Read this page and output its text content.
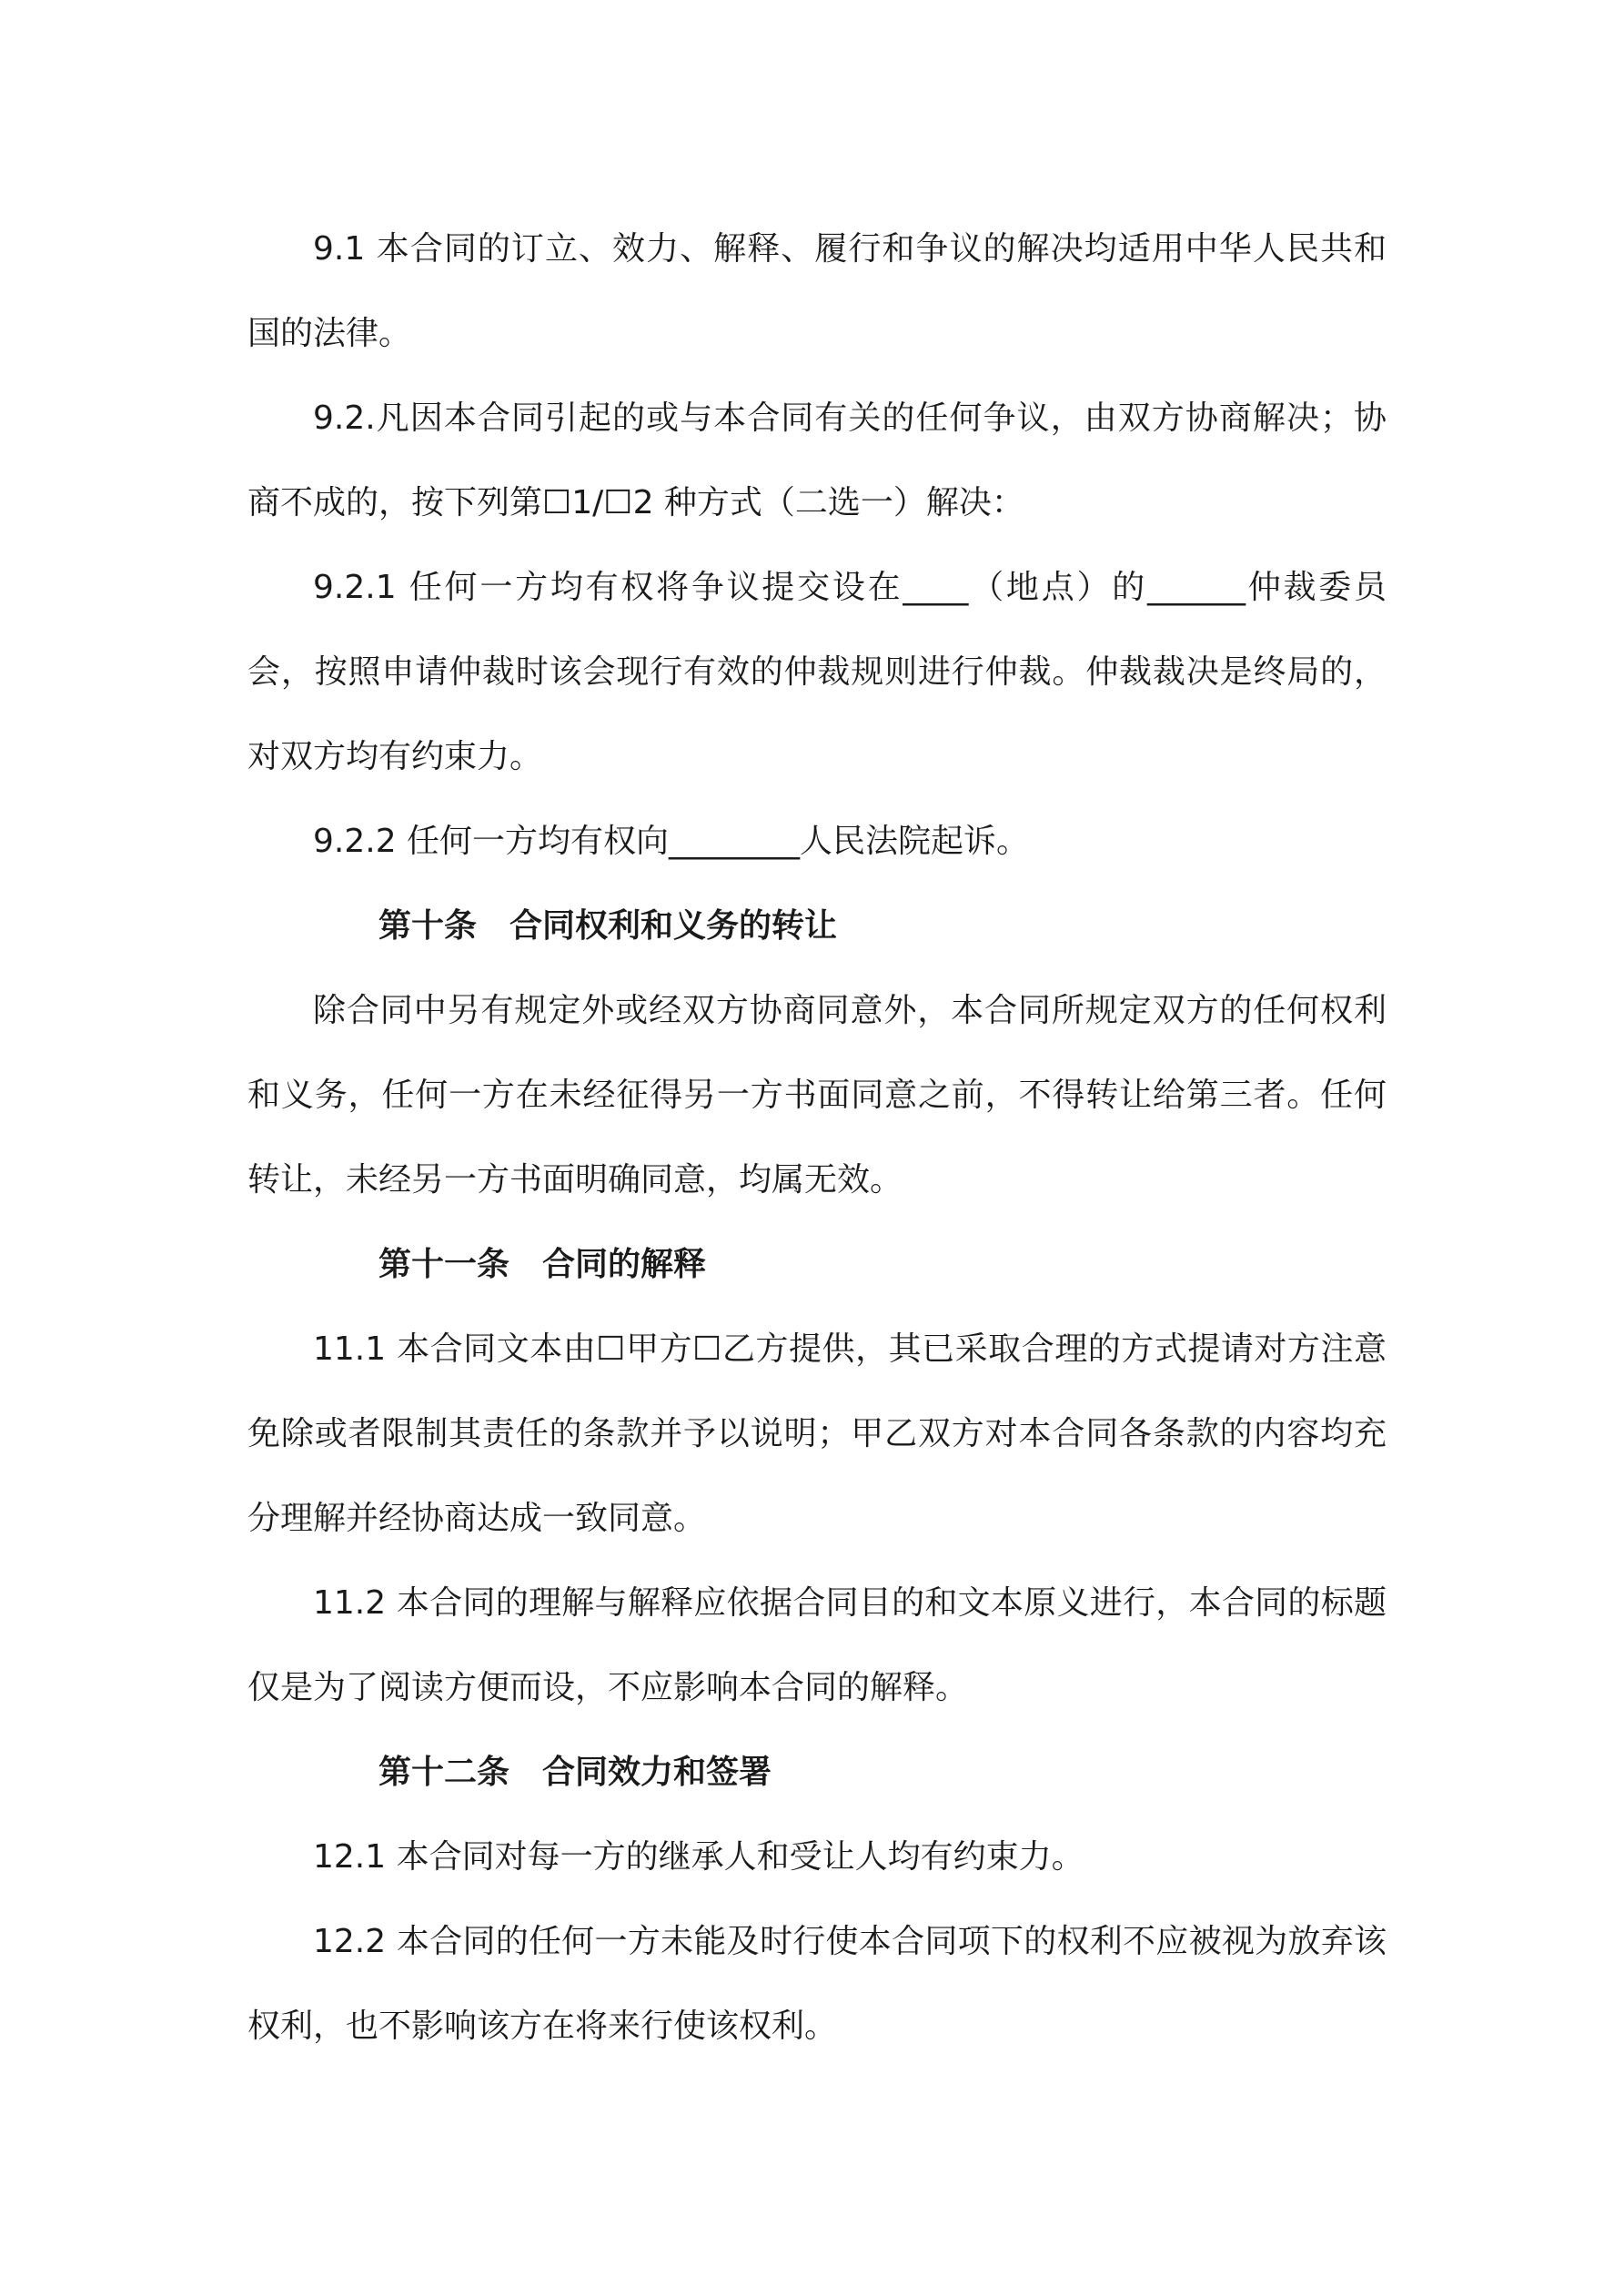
9.1 本合同的订立、效力、解释、履行和争议的解决均适用中华人民共和国的法律。

9.2.凡因本合同引起的或与本合同有关的任何争议，由双方协商解决；协商不成的，按下列第☐1/☐2 种方式（二选一）解决：

9.2.1 任何一方均有权将争议提交设在____（地点）的______仲裁委员会，按照申请仲裁时该会现行有效的仲裁规则进行仲裁。仲裁裁决是终局的，对双方均有约束力。

9.2.2 任何一方均有权向________人民法院起诉。

第十条 合同权利和义务的转让

除合同中另有规定外或经双方协商同意外，本合同所规定双方的任何权利和义务，任何一方在未经征得另一方书面同意之前，不得转让给第三者。任何转让，未经另一方书面明确同意，均属无效。

第十一条 合同的解释

11.1 本合同文本由☐甲方☐乙方提供，其已采取合理的方式提请对方注意免除或者限制其责任的条款并予以说明；甲乙双方对本合同各条款的内容均充分理解并经协商达成一致同意。

11.2 本合同的理解与解释应依据合同目的和文本原义进行，本合同的标题仅是为了阅读方便而设，不应影响本合同的解释。

第十二条 合同效力和签署

12.1 本合同对每一方的继承人和受让人均有约束力。

12.2 本合同的任何一方未能及时行使本合同项下的权利不应被视为放弃该权利，也不影响该方在将来行使该权利。
